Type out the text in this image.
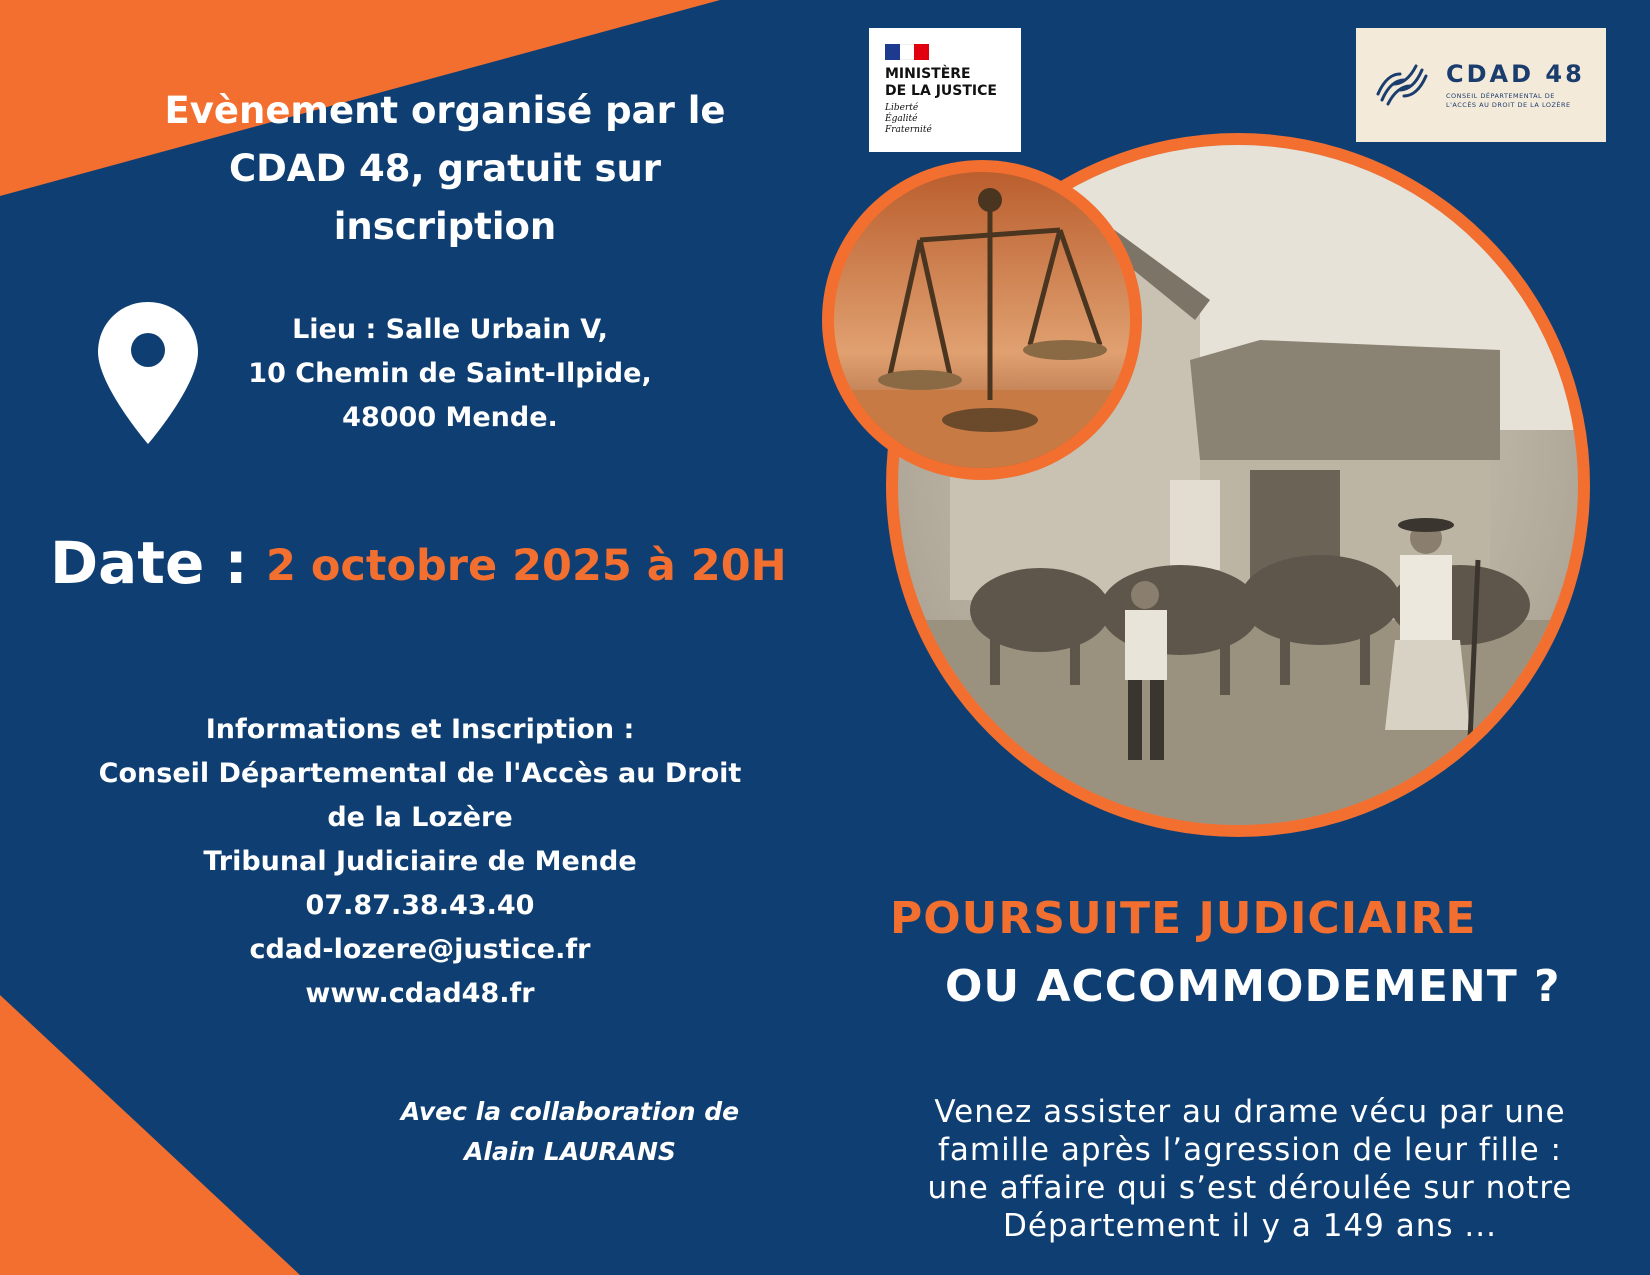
Evènement organisé par le
CDAD 48, gratuit sur
inscription
Lieu : Salle Urbain V,
10 Chemin de Saint-Ilpide,
48000 Mende.
Date : 2 octobre 2025 à 20H
Informations et Inscription :
Conseil Départemental de l'Accès au Droit
de la Lozère
Tribunal Judiciaire de Mende
07.87.38.43.40
cdad-lozere@justice.fr
www.cdad48.fr
Avec la collaboration de
Alain LAURANS
MINISTÈRE
DE LA JUSTICE
Liberté
Égalité
Fraternité
CDAD 48
CONSEIL DÉPARTEMENTAL DE
L'ACCÈS AU DROIT DE LA LOZÈRE
POURSUITE JUDICIAIRE
OU ACCOMMODEMENT ?
Venez assister au drame vécu par une
famille après l’agression de leur fille :
une affaire qui s’est déroulée sur notre
Département il y a 149 ans ...
